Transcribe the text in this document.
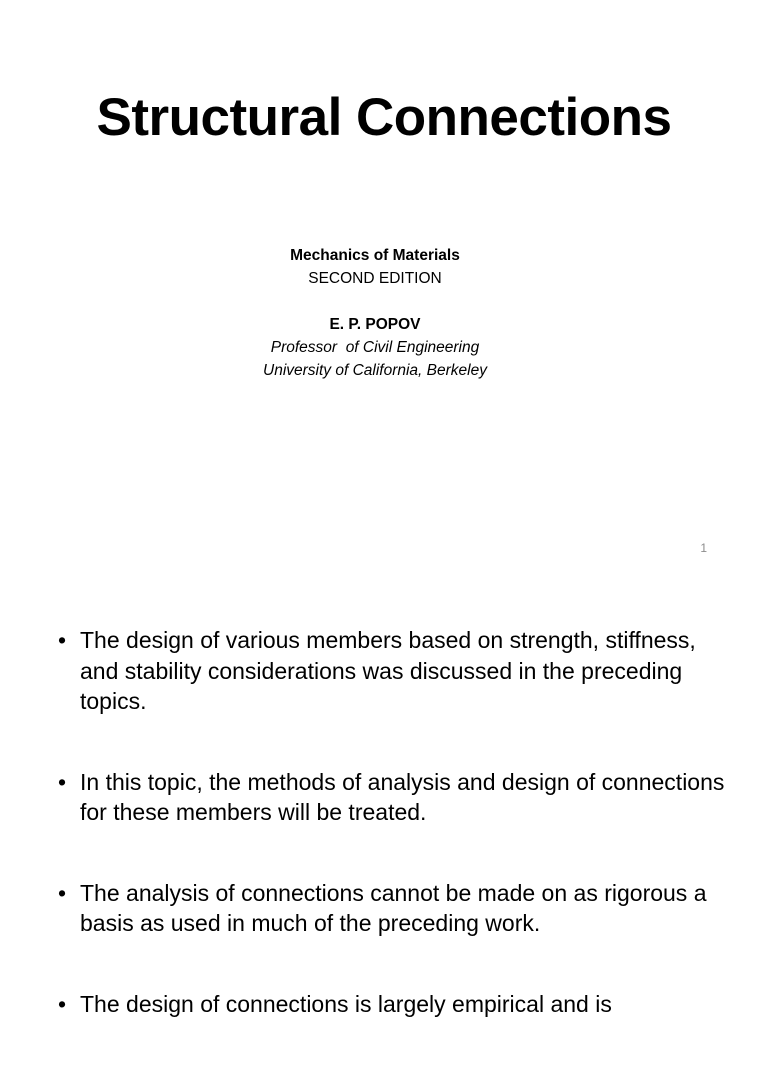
Structural Connections
Mechanics of Materials
SECOND EDITION
E. P. POPOV
Professor  of Civil Engineering
University of California, Berkeley
1
• The design of various members based on strength, stiffness, and stability considerations was discussed in the preceding topics.
• In this topic, the methods of analysis and design of connections for these members will be treated.
• The analysis of connections cannot be made on as rigorous a basis as used in much of the preceding work.
• The design of connections is largely empirical and is
